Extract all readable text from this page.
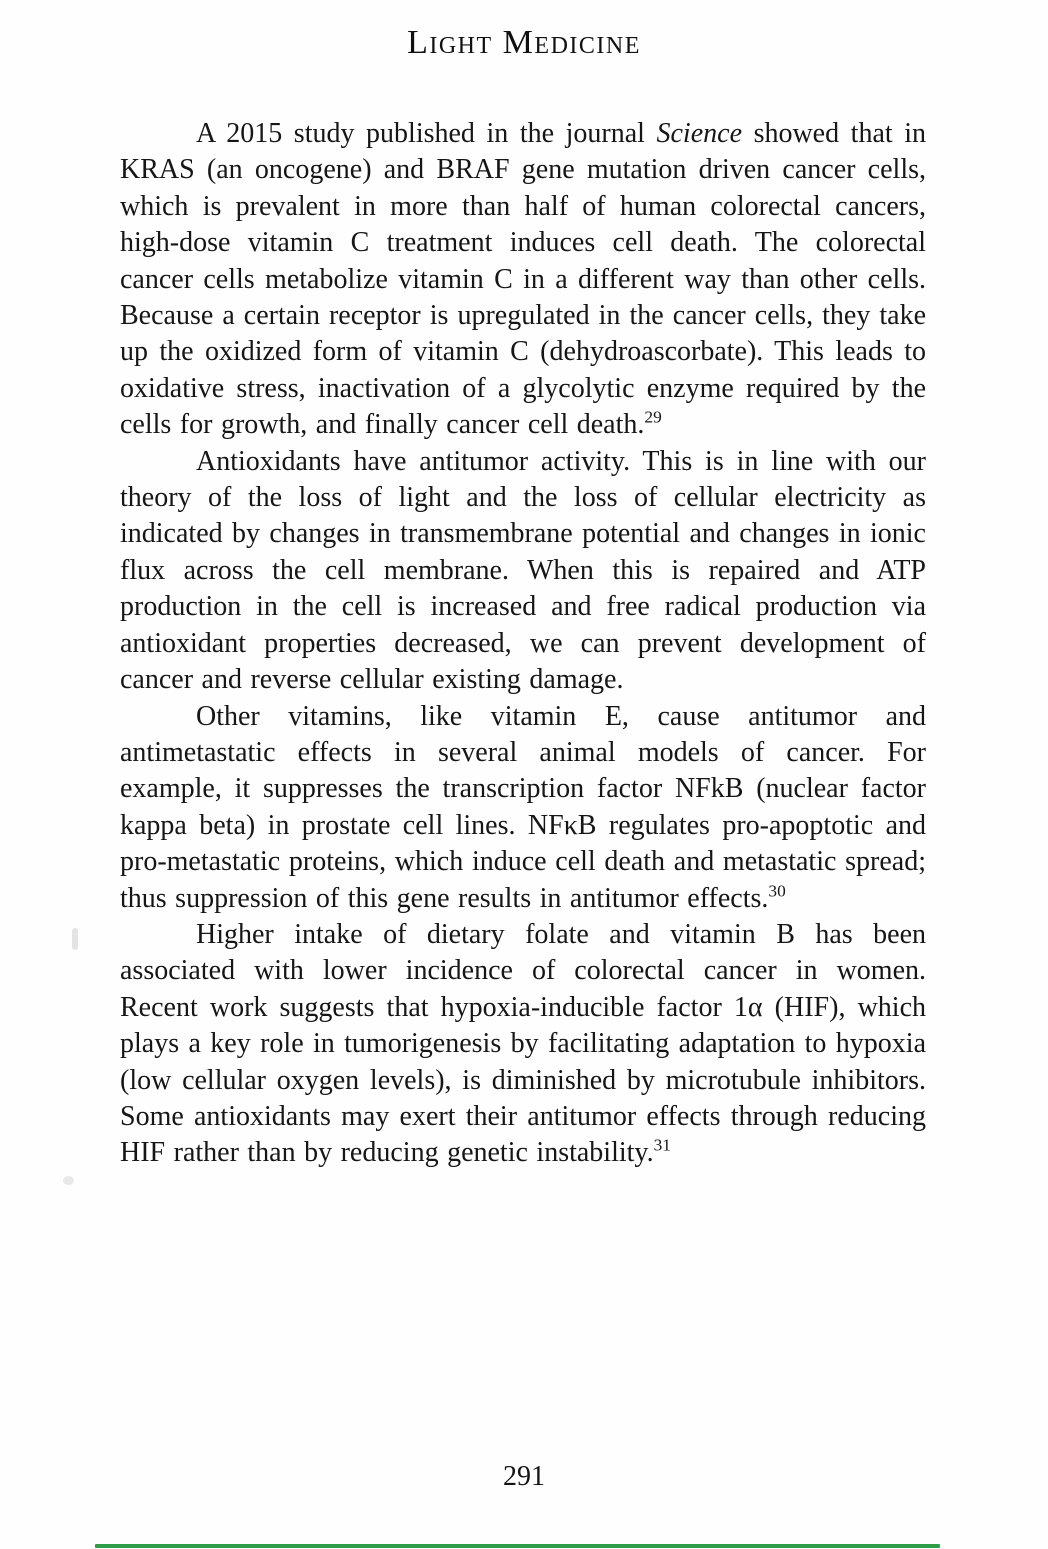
Light Medicine

A 2015 study published in the journal Science showed that in KRAS (an oncogene) and BRAF gene mutation driven cancer cells, which is prevalent in more than half of human colorectal cancers, high-dose vitamin C treatment induces cell death. The colorectal cancer cells metabolize vitamin C in a different way than other cells. Because a certain receptor is upregulated in the cancer cells, they take up the oxidized form of vitamin C (dehydroascorbate). This leads to oxidative stress, inactivation of a glycolytic enzyme required by the cells for growth, and finally cancer cell death.$^{29}$

Antioxidants have antitumor activity. This is in line with our theory of the loss of light and the loss of cellular electricity as indicated by changes in transmembrane potential and changes in ionic flux across the cell membrane. When this is repaired and ATP production in the cell is increased and free radical production via antioxidant properties decreased, we can prevent development of cancer and reverse cellular existing damage.

Other vitamins, like vitamin E, cause antitumor and antimetastatic effects in several animal models of cancer. For example, it suppresses the transcription factor NFkB (nuclear factor kappa beta) in prostate cell lines. NFκB regulates pro-apoptotic and pro-metastatic proteins, which induce cell death and metastatic spread; thus suppression of this gene results in antitumor effects.$^{30}$

Higher intake of dietary folate and vitamin B has been associated with lower incidence of colorectal cancer in women. Recent work suggests that hypoxia-inducible factor 1α (HIF), which plays a key role in tumorigenesis by facilitating adaptation to hypoxia (low cellular oxygen levels), is diminished by microtubule inhibitors. Some antioxidants may exert their antitumor effects through reducing HIF rather than by reducing genetic instability.$^{31}$

291
